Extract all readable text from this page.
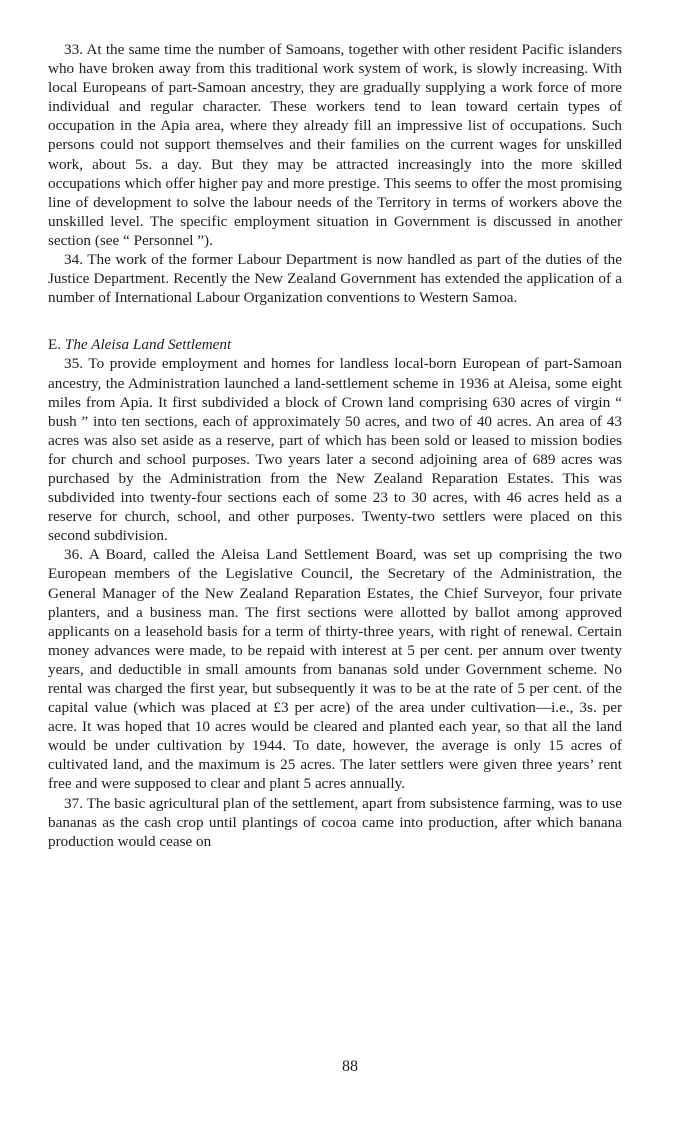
33. At the same time the number of Samoans, together with other resident Pacific islanders who have broken away from this traditional work system of work, is slowly increasing. With local Europeans of part-Samoan ancestry, they are gradually supplying a work force of more individual and regular character. These workers tend to lean toward certain types of occupation in the Apia area, where they already fill an impressive list of occupations. Such persons could not support themselves and their families on the current wages for unskilled work, about 5s. a day. But they may be attracted increasingly into the more skilled occupations which offer higher pay and more prestige. This seems to offer the most promising line of development to solve the labour needs of the Territory in terms of workers above the unskilled level. The specific employment situation in Government is discussed in another section (see “ Personnel ”).

34. The work of the former Labour Department is now handled as part of the duties of the Justice Department. Recently the New Zealand Government has extended the application of a number of International Labour Organization conventions to Western Samoa.

E. The Aleisa Land Settlement

35. To provide employment and homes for landless local-born European of part-Samoan ancestry, the Administration launched a land-settlement scheme in 1936 at Aleisa, some eight miles from Apia. It first subdivided a block of Crown land comprising 630 acres of virgin “ bush ” into ten sections, each of approximately 50 acres, and two of 40 acres. An area of 43 acres was also set aside as a reserve, part of which has been sold or leased to mission bodies for church and school purposes. Two years later a second adjoining area of 689 acres was purchased by the Administration from the New Zealand Reparation Estates. This was subdivided into twenty-four sections each of some 23 to 30 acres, with 46 acres held as a reserve for church, school, and other purposes. Twenty-two settlers were placed on this second subdivision.

36. A Board, called the Aleisa Land Settlement Board, was set up comprising the two European members of the Legislative Council, the Secretary of the Administration, the General Manager of the New Zealand Reparation Estates, the Chief Surveyor, four private planters, and a business man. The first sections were allotted by ballot among approved applicants on a leasehold basis for a term of thirty-three years, with right of renewal. Certain money advances were made, to be repaid with interest at 5 per cent. per annum over twenty years, and deductible in small amounts from bananas sold under Government scheme. No rental was charged the first year, but subsequently it was to be at the rate of 5 per cent. of the capital value (which was placed at £3 per acre) of the area under cultivation—i.e., 3s. per acre. It was hoped that 10 acres would be cleared and planted each year, so that all the land would be under cultivation by 1944. To date, however, the average is only 15 acres of cultivated land, and the maximum is 25 acres. The later settlers were given three years’ rent free and were supposed to clear and plant 5 acres annually.

37. The basic agricultural plan of the settlement, apart from subsistence farming, was to use bananas as the cash crop until plantings of cocoa came into production, after which banana production would cease on

88
